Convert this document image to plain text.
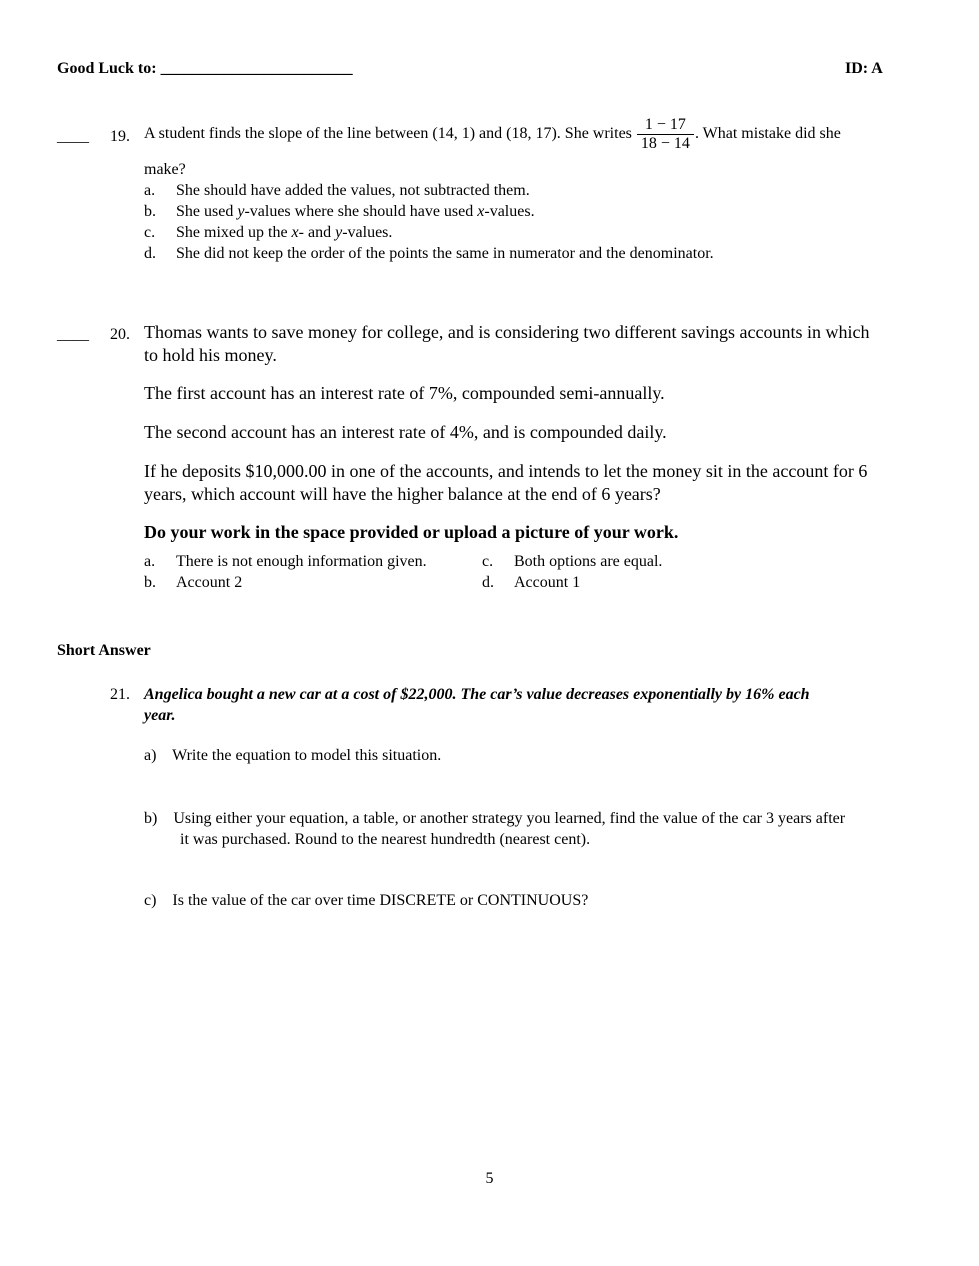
Good Luck to: ________________________	ID: A
____	19. A student finds the slope of the line between (14, 1) and (18, 17). She writes $\frac{1 - 17}{18 - 14}$ . What mistake did she
make?
a. She should have added the values, not subtracted them.
b. She used y-values where she should have used x-values.
c. She mixed up the x- and y-values.
d. She did not keep the order of the points the same in numerator and the denominator.
____	20. Thomas wants to save money for college, and is considering two different savings accounts in which
to hold his money.
The first account has an interest rate of 7%, compounded semi-annually.
The second account has an interest rate of 4%, and is compounded daily.
If he deposits $10,000.00 in one of the accounts, and intends to let the money sit in the account for 6
years, which account will have the higher balance at the end of 6 years?
Do your work in the space provided or upload a picture of your work.
a. There is not enough information given.
b. Account 2
c. Both options are equal.
d. Account 1
Short Answer
21. Angelica bought a new car at a cost of $22,000. The car’s value decreases exponentially by 16% each
year.
a)    Write the equation to model this situation.
b)    Using either your equation, a table, or another strategy you learned, find the value of the car 3 years after
it was purchased. Round to the nearest hundredth (nearest cent).
c)    Is the value of the car over time DISCRETE or CONTINUOUS?
5
